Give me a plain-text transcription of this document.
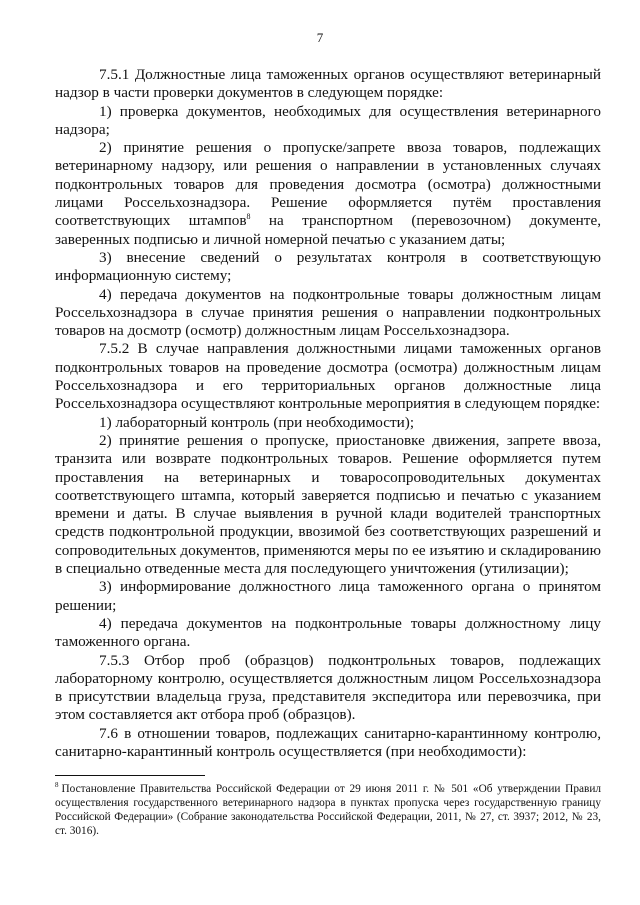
7

7.5.1 Должностные лица таможенных органов осуществляют ветеринарный надзор в части проверки документов в следующем порядке:

1) проверка документов, необходимых для осуществления ветеринарного надзора;

2) принятие решения о пропуске/запрете ввоза товаров, подлежащих ветеринарному надзору, или решения о направлении в установленных случаях подконтрольных товаров для проведения досмотра (осмотра) должностными лицами Россельхознадзора. Решение оформляется путём проставления соответствующих штампов$^8$ на транспортном (перевозочном) документе, заверенных подписью и личной номерной печатью с указанием даты;

3) внесение сведений о результатах контроля в соответствующую информационную систему;

4) передача документов на подконтрольные товары должностным лицам Россельхознадзора в случае принятия решения о направлении подконтрольных товаров на досмотр (осмотр) должностным лицам Россельхознадзора.

7.5.2 В случае направления должностными лицами таможенных органов подконтрольных товаров на проведение досмотра (осмотра) должностным лицам Россельхознадзора и его территориальных органов должностные лица Россельхознадзора осуществляют контрольные мероприятия в следующем порядке:

1) лабораторный контроль (при необходимости);

2) принятие решения о пропуске, приостановке движения, запрете ввоза, транзита или возврате подконтрольных товаров. Решение оформляется путем проставления на ветеринарных и товаросопроводительных документах соответствующего штампа, который заверяется подписью и печатью с указанием времени и даты. В случае выявления в ручной клади водителей транспортных средств подконтрольной продукции, ввозимой без соответствующих разрешений и сопроводительных документов, применяются меры по ее изъятию и складированию в специально отведенные места для последующего уничтожения (утилизации);

3) информирование должностного лица таможенного органа о принятом решении;

4) передача документов на подконтрольные товары должностному лицу таможенного органа.

7.5.3 Отбор проб (образцов) подконтрольных товаров, подлежащих лабораторному контролю, осуществляется должностным лицом Россельхознадзора в присутствии владельца груза, представителя экспедитора или перевозчика, при этом составляется акт отбора проб (образцов).

7.6 в отношении товаров, подлежащих санитарно-карантинному контролю, санитарно-карантинный контроль осуществляется (при необходимости):

$^8$ Постановление Правительства Российской Федерации от 29 июня 2011 г. № 501 «Об утверждении Правил осуществления государственного ветеринарного надзора в пунктах пропуска через государственную границу Российской Федерации» (Собрание законодательства Российской Федерации, 2011, № 27, ст. 3937; 2012, № 23, ст. 3016).
